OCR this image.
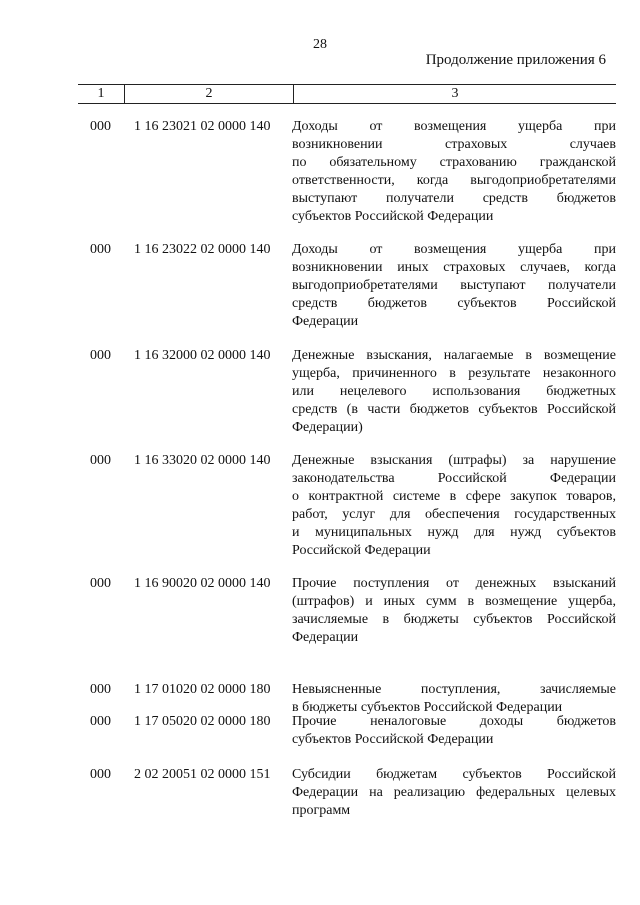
28
Продолжение приложения 6
1	2	3
000 1 16 23021 02 0000 140 Доходы от возмещения ущерба при
возникновении страховых случаев
по обязательному страхованию гражданской
ответственности, когда выгодоприобретателями
выступают получатели средств бюджетов
субъектов Российской Федерации
000 1 16 23022 02 0000 140 Доходы от возмещения ущерба при
возникновении иных страховых случаев, когда
выгодоприобретателями выступают получатели
средств бюджетов субъектов Российской
Федерации
000 1 16 32000 02 0000 140 Денежные взыскания, налагаемые в возмещение
ущерба, причиненного в результате незаконного
или нецелевого использования бюджетных
средств (в части бюджетов субъектов Российской
Федерации)
000 1 16 33020 02 0000 140 Денежные взыскания (штрафы) за нарушение
законодательства Российской Федерации
о контрактной системе в сфере закупок товаров,
работ, услуг для обеспечения государственных
и муниципальных нужд для нужд субъектов
Российской Федерации
000 1 16 90020 02 0000 140 Прочие поступления от денежных взысканий
(штрафов) и иных сумм в возмещение ущерба,
зачисляемые в бюджеты субъектов Российской
Федерации
000 1 17 01020 02 0000 180 Невыясненные поступления, зачисляемые
в бюджеты субъектов Российской Федерации
000 1 17 05020 02 0000 180 Прочие неналоговые доходы бюджетов
субъектов Российской Федерации
000 2 02 20051 02 0000 151 Субсидии бюджетам субъектов Российской
Федерации на реализацию федеральных целевых
программ
